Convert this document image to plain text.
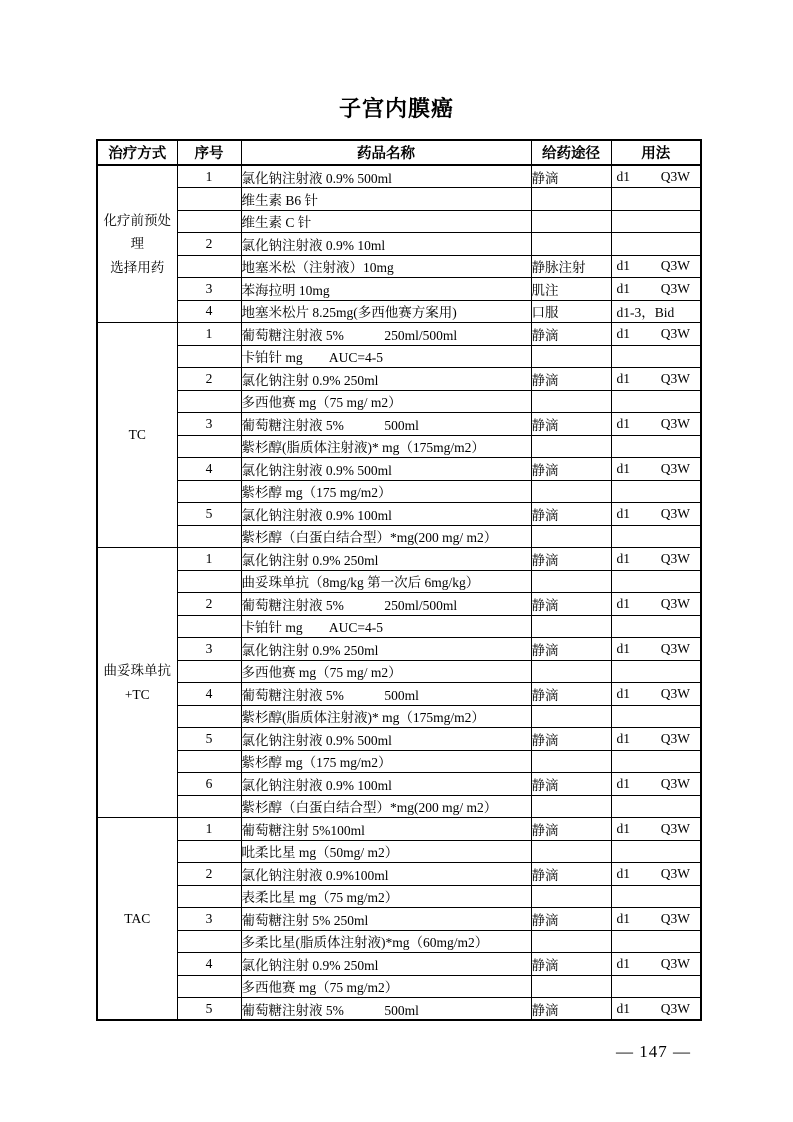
子宫内膜癌
治疗方式	序号	药品名称	给药途径	用法

化疗前预处理
选择用药
	1	氯化钠注射液 0.9% 500ml	静滴	d1 Q3W

		维生素 B6 针		
		维生素 C 针		
	2	氯化钠注射液 0.9% 10ml		
		地塞米松（注射液）10mg	静脉注射	d1 Q3W

	3	苯海拉明 10mg	肌注	d1 Q3W

	4	地塞米松片 8.25mg(多西他赛方案用)	口服	d1-3，Bid

TC	1	葡萄糖注射液 5%            250ml/500ml	静滴	d1 Q3W

		卡铂针 mg        AUC=4-5		
	2	氯化钠注射 0.9% 250ml	静滴	d1 Q3W

		多西他赛 mg（75 mg/ m2）		
	3	葡萄糖注射液 5%            500ml	静滴	d1 Q3W

		紫杉醇(脂质体注射液)* mg（175mg/m2）		
	4	氯化钠注射液 0.9% 500ml	静滴	d1 Q3W

		紫杉醇 mg（175 mg/m2）		
	5	氯化钠注射液 0.9% 100ml	静滴	d1 Q3W

		紫杉醇（白蛋白结合型）*mg(200 mg/ m2）		

曲妥珠单抗
+TC
	1	氯化钠注射 0.9% 250ml	静滴	d1 Q3W

		曲妥珠单抗（8mg/kg 第一次后 6mg/kg）		
	2	葡萄糖注射液 5%            250ml/500ml	静滴	d1 Q3W

		卡铂针 mg        AUC=4-5		
	3	氯化钠注射 0.9% 250ml	静滴	d1 Q3W

		多西他赛 mg（75 mg/ m2）		
	4	葡萄糖注射液 5%            500ml	静滴	d1 Q3W

		紫杉醇(脂质体注射液)* mg（175mg/m2）		
	5	氯化钠注射液 0.9% 500ml	静滴	d1 Q3W

		紫杉醇 mg（175 mg/m2）		
	6	氯化钠注射液 0.9% 100ml	静滴	d1 Q3W

		紫杉醇（白蛋白结合型）*mg(200 mg/ m2）		

TAC	1	葡萄糖注射 5%100ml	静滴	d1 Q3W

		吡柔比星 mg（50mg/ m2）		
	2	氯化钠注射液 0.9%100ml	静滴	d1 Q3W

		表柔比星 mg（75 mg/m2）		
	3	葡萄糖注射 5% 250ml	静滴	d1 Q3W

		多柔比星(脂质体注射液)*mg（60mg/m2）		
	4	氯化钠注射 0.9% 250ml	静滴	d1 Q3W

		多西他赛 mg（75 mg/m2）		
	5	葡萄糖注射液 5%            500ml	静滴	d1 Q3W
— 147 —
